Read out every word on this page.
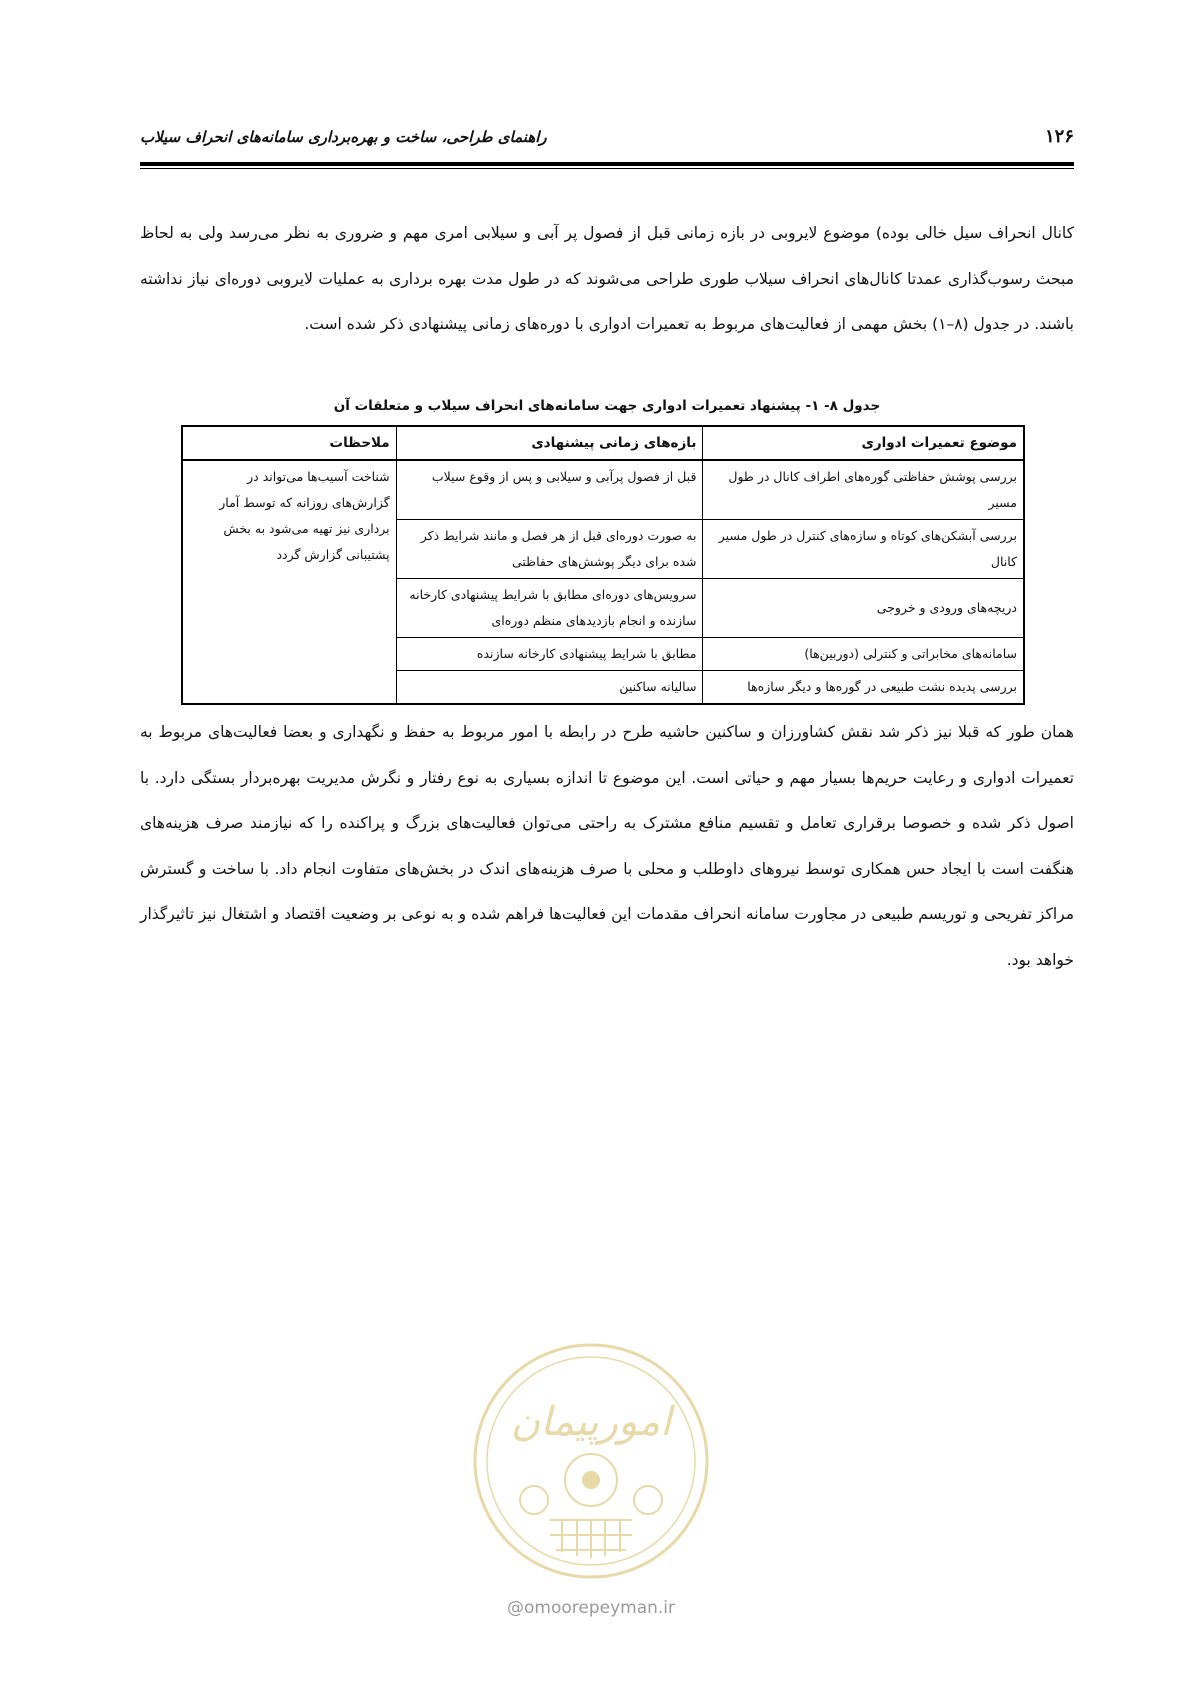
۱۲۶
راهنمای طراحی، ساخت و بهره‌برداری سامانه‌های انحراف سیلاب

کانال انحراف سیل خالی بوده) موضوع لایروبی در بازه زمانی قبل از فصول پر آبی و سیلابی امری مهم و ضروری به نظر می‌رسد ولی به لحاظ مبحث رسوب‌گذاری عمدتا کانال‌های انحراف سیلاب طوری طراحی می‌شوند که در طول مدت بهره برداری به عملیات لایروبی دوره‌ای نیاز نداشته باشند. در جدول (۸–۱) بخش مهمی از فعالیت‌های مربوط به تعمیرات ادواری با دوره‌های زمانی پیشنهادی ذکر شده است.

جدول ۸- ۱- پیشنهاد تعمیرات ادواری جهت سامانه‌های انحراف سیلاب و متعلقات آن

موضوع تعمیرات ادواری	بازه‌های زمانی پیشنهادی	ملاحظات
بررسی پوشش حفاظتی گوره‌های اطراف کانال در طول مسیر	قبل از فصول پرآبی و سیلابی و پس از وقوع سیلاب	شناخت آسیب‌ها می‌تواند در گزارش‌های روزانه که توسط آمار برداری نیز تهیه می‌شود به بخش پشتیبانی گزارش گردد
بررسی آبشکن‌های کوتاه و سازه‌های کنترل در طول مسیر کانال	به صورت دوره‌ای قبل از هر فصل و مانند شرایط ذکر شده برای دیگر پوشش‌های حفاظتی	
دریچه‌های ورودی و خروجی	سرویس‌های دوره‌ای مطابق با شرایط پیشنهادی کارخانه سازنده و انجام بازدیدهای منظم دوره‌ای	
سامانه‌های مخابراتی و کنترلی (دوربین‌ها)	مطابق با شرایط پیشنهادی کارخانه سازنده	
بررسی پدیده نشت طبیعی در گوره‌ها و دیگر سازه‌ها	سالیانه ساکنین	

همان طور که قبلا نیز ذکر شد نقش کشاورزان و ساکنین حاشیه طرح در رابطه با امور مربوط به حفظ و نگهداری و بعضا فعالیت‌های مربوط به تعمیرات ادواری و رعایت حریم‌ها بسیار مهم و حیاتی است. این موضوع تا اندازه بسیاری به نوع رفتار و نگرش مدیریت بهره‌بردار بستگی دارد. با اصول ذکر شده و خصوصا برقراری تعامل و تقسیم منافع مشترک به راحتی می‌توان فعالیت‌های بزرگ و پراکنده را که نیازمند صرف هزینه‌های هنگفت است با ایجاد حس همکاری توسط نیروهای داوطلب و محلی با صرف هزینه‌های اندک در بخش‌های متفاوت انجام داد. با ساخت و گسترش مراکز تفریحی و توریسم طبیعی در مجاورت سامانه انحراف مقدمات این فعالیت‌ها فراهم شده و به نوعی بر وضعیت اقتصاد و اشتغال نیز تاثیرگذار خواهد بود.

امورپیمان
@omoorepeyman.ir
